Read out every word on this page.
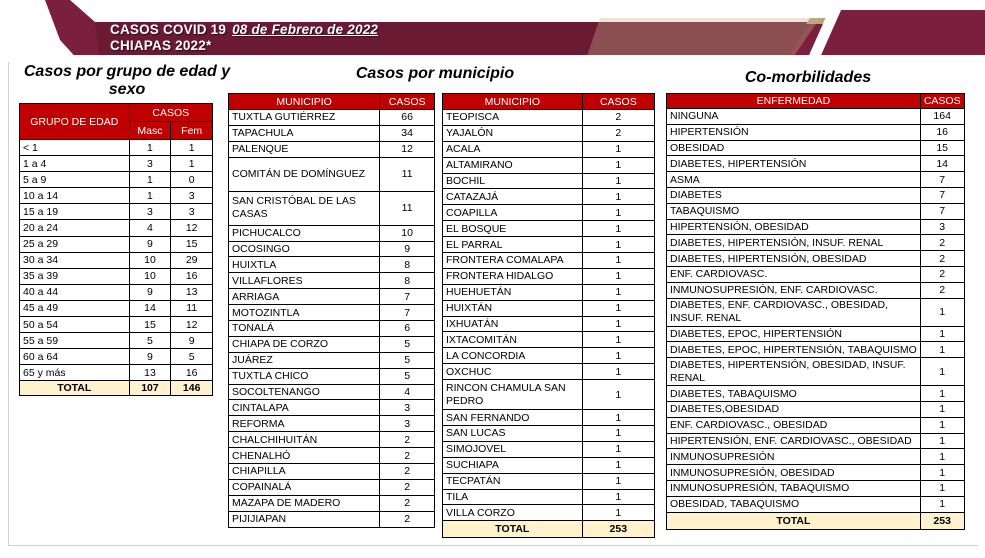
CASOS COVID 19 08 de Febrero de 2022
CHIAPAS 2022*
Casos por grupo de edad y sexo
Casos por municipio	Co-morbilidades
GRUPO DE EDAD	CASOS	
	Masc	Fem
< 1	1	1
1 a 4	3	1
5 a 9	1	0
10 a 14	1	3
15 a 19	3	3
20 a 24	4	12
25 a 29	9	15
30 a 34	10	29
35 a 39	10	16
40 a 44	9	13
45 a 49	14	11
50 a 54	15	12
55 a 59	5	9
60 a 64	9	5
65 y más	13	16
TOTAL	107	146
MUNICIPIO	CASOS
TUXTLA GUTIÉRREZ	66
TAPACHULA	34
PALENQUE	12
COMITÁN DE DOMÍNGUEZ	11
SAN CRISTÓBAL DE LAS CASAS	11
PICHUCALCO	10
OCOSINGO	9
HUIXTLA	8
VILLAFLORES	8
ARRIAGA	7
MOTOZINTLA	7
TONALÁ	6
CHIAPA DE CORZO	5
JUÁREZ	5
TUXTLA CHICO	5
SOCOLTENANGO	4
CINTALAPA	3
REFORMA	3
CHALCHIHUITÁN	2
CHENALHÓ	2
CHIAPILLA	2
COPAINALÁ	2
MAZAPA DE MADERO	2
PIJIJIAPAN	2
MUNICIPIO	CASOS
TEOPISCA	2
YAJALÓN	2
ACALA	1
ALTAMIRANO	1
BOCHIL	1
CATAZAJÁ	1
COAPILLA	1
EL BOSQUE	1
EL PARRAL	1
FRONTERA COMALAPA	1
FRONTERA HIDALGO	1
HUEHUETÁN	1
HUIXTÁN	1
IXHUATÁN	1
IXTACOMITÁN	1
LA CONCORDIA	1
OXCHUC	1
RINCON CHAMULA SAN PEDRO	1
SAN FERNANDO	1
SAN LUCAS	1
SIMOJOVEL	1
SUCHIAPA	1
TECPATÁN	1
TILA	1
VILLA CORZO	1
TOTAL	253
ENFERMEDAD	CASOS
NINGUNA	164
HIPERTENSIÓN	16
OBESIDAD	15
DIABETES, HIPERTENSIÓN	14
ASMA	7
DIABETES	7
TABAQUISMO	7
HIPERTENSIÓN, OBESIDAD	3
DIABETES, HIPERTENSIÓN, INSUF. RENAL	2
DIABETES, HIPERTENSIÓN, OBESIDAD	2
ENF. CARDIOVASC.	2
INMUNOSUPRESIÓN, ENF. CARDIOVASC.	2
DIABETES, ENF. CARDIOVASC., OBESIDAD, INSUF. RENAL	1
DIABETES, EPOC, HIPERTENSIÓN	1
DIABETES, EPOC, HIPERTENSIÓN, TABAQUISMO	1
DIABETES, HIPERTENSIÓN, OBESIDAD, INSUF. RENAL	1
DIABETES, TABAQUISMO	1
DIABETES,OBESIDAD	1
ENF. CARDIOVASC., OBESIDAD	1
HIPERTENSIÓN, ENF. CARDIOVASC., OBESIDAD	1
INMUNOSUPRESIÓN	1
INMUNOSUPRESIÓN, OBESIDAD	1
INMUNOSUPRESIÓN, TABAQUISMO	1
OBESIDAD, TABAQUISMO	1
TOTAL	253
